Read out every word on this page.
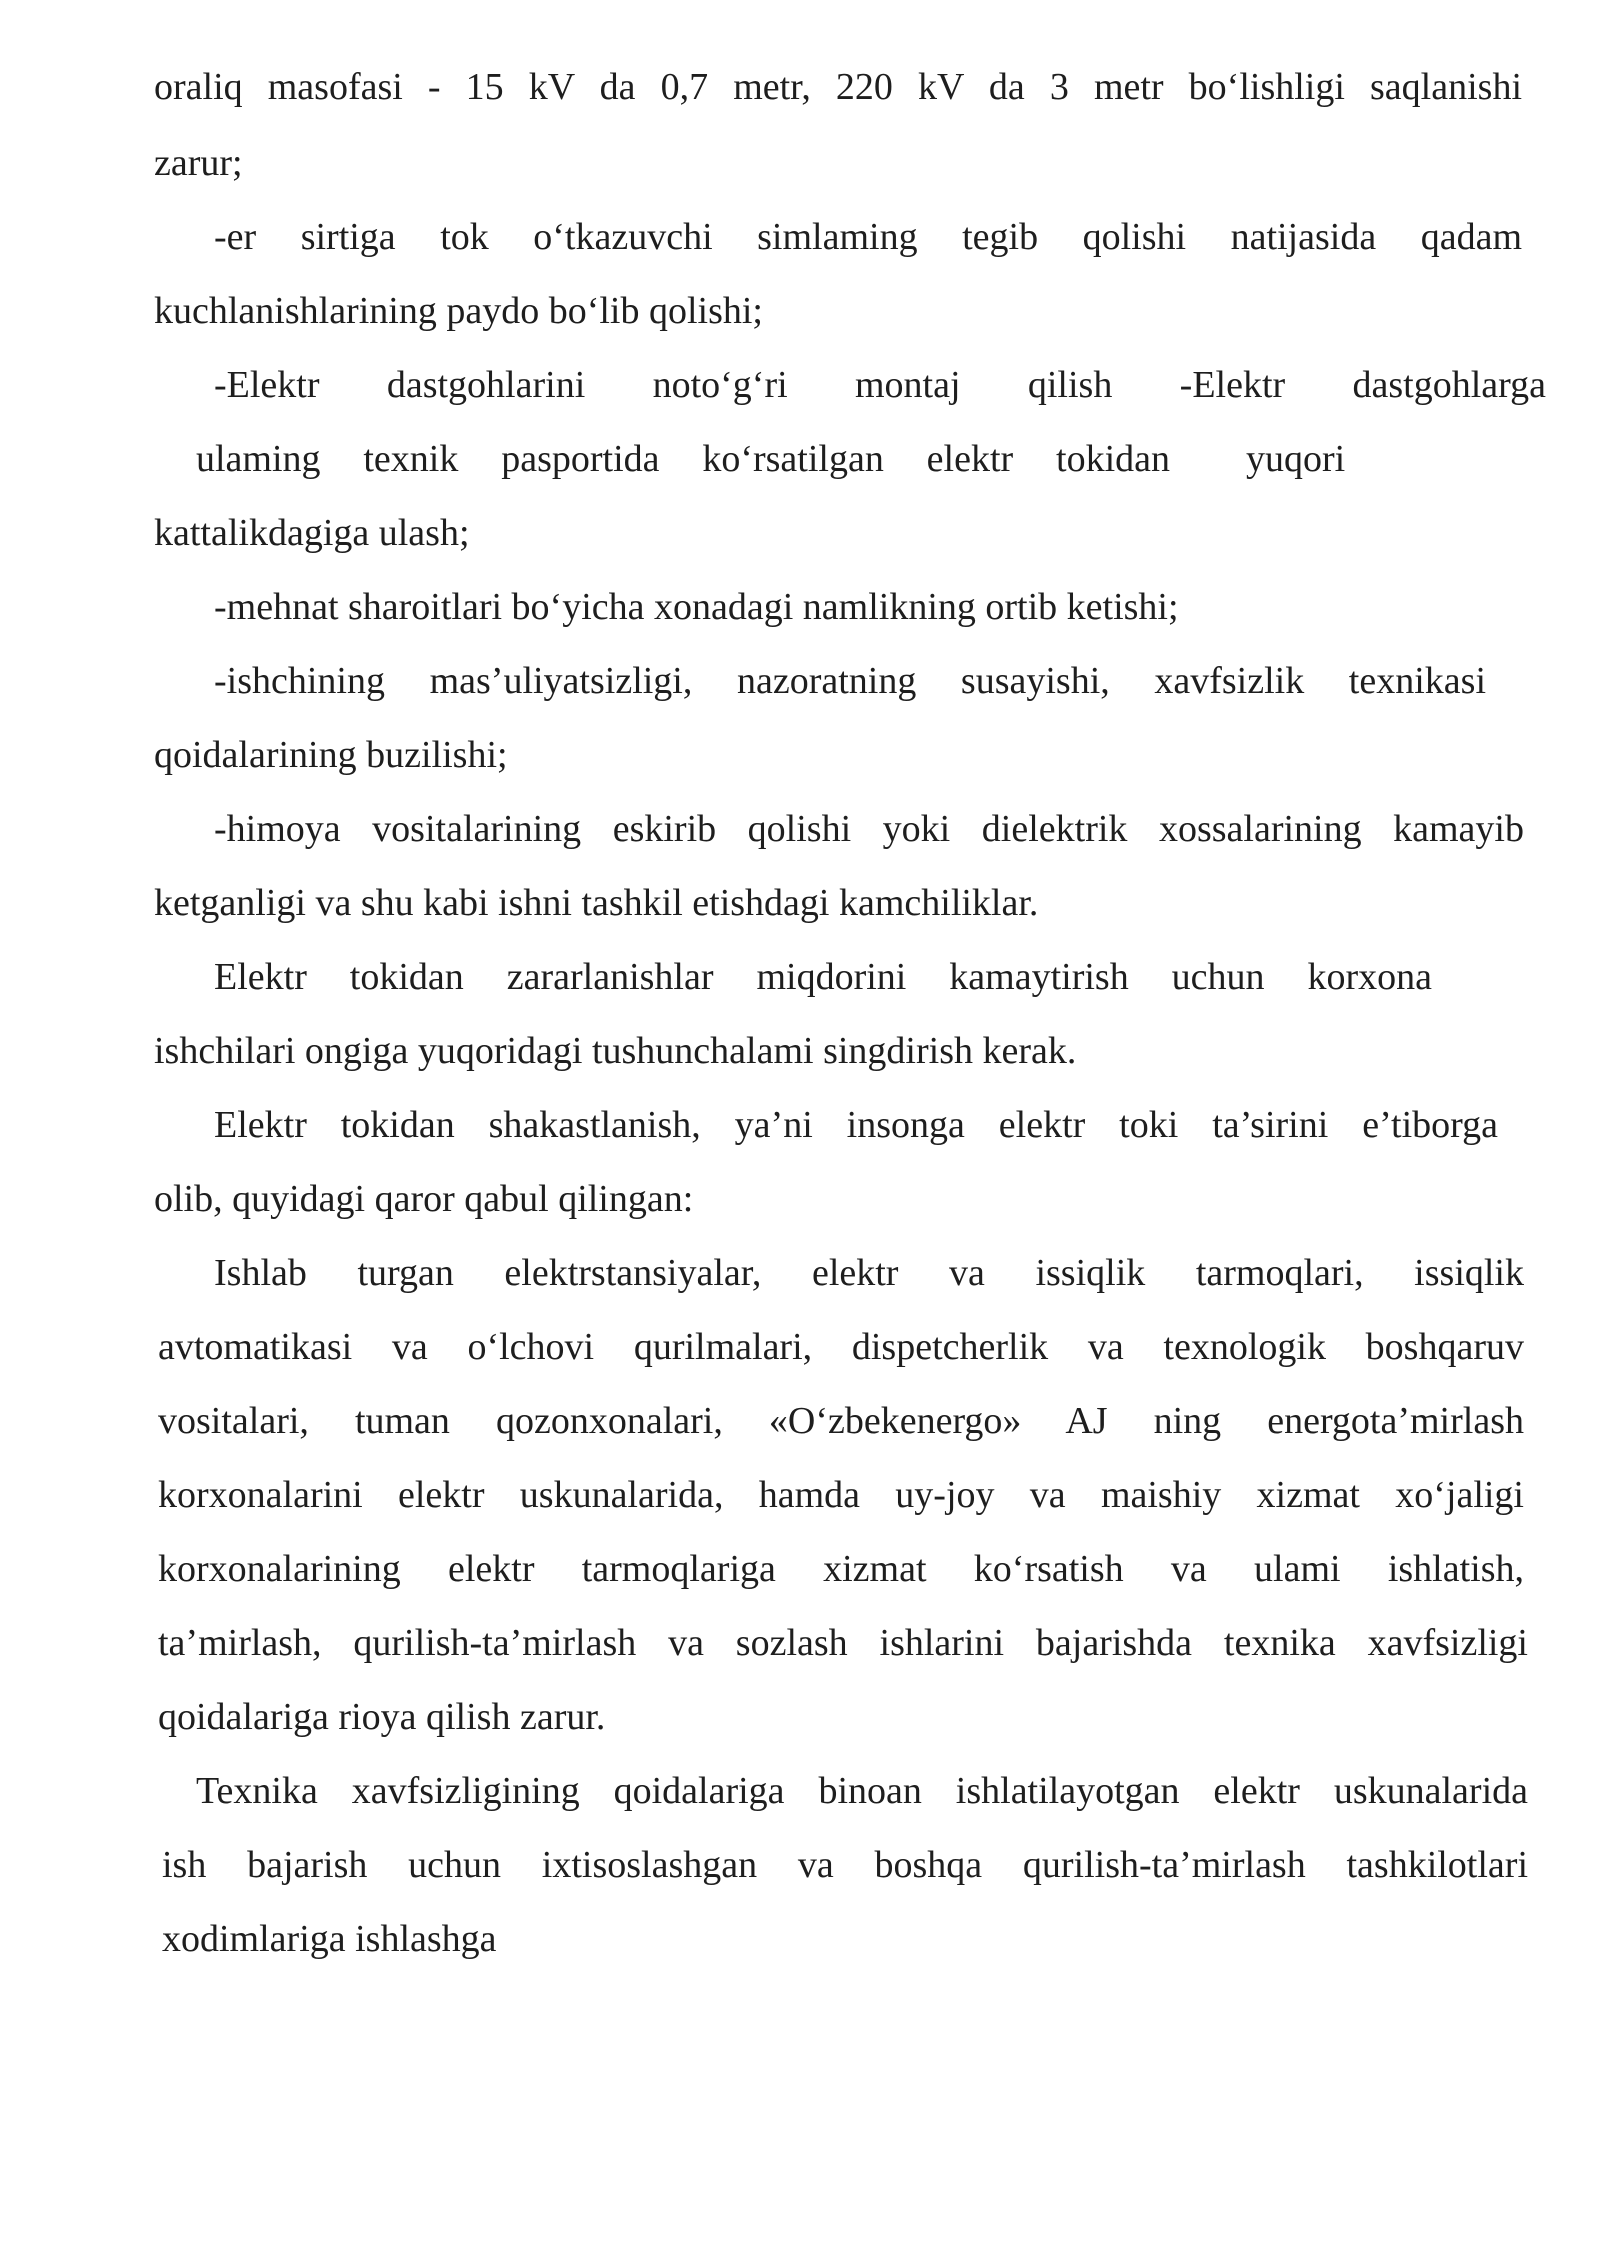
oraliq masofasi - 15 kV da 0,7 metr, 220 kV da 3 metr bo‘lishligi saqlanishi

zarur;

-er sirtiga tok o‘tkazuvchi simlaming tegib qolishi natijasida qadam

kuchlanishlarining paydo bo‘lib qolishi;

-Elektr dastgohlarini noto‘g‘ri montaj qilish -Elektr dastgohlarga

ulaming texnik pasportida ko‘rsatilgan elektr tokidan yuqori

kattalikdagiga ulash;

-mehnat sharoitlari bo‘yicha xonadagi namlikning ortib ketishi;

-ishchining mas’uliyatsizligi, nazoratning susayishi, xavfsizlik texnikasi

qoidalarining buzilishi;

-himoya vositalarining eskirib qolishi yoki dielektrik xossalarining kamayib

ketganligi va shu kabi ishni tashkil etishdagi kamchiliklar.

Elektr tokidan zararlanishlar miqdorini kamaytirish uchun korxona

ishchilari ongiga yuqoridagi tushunchalami singdirish kerak.

Elektr tokidan shakastlanish, ya’ni insonga elektr toki ta’sirini e’tiborga

olib, quyidagi qaror qabul qilingan:

Ishlab turgan elektrstansiyalar, elektr va issiqlik tarmoqlari, issiqlik

avtomatikasi va o‘lchovi qurilmalari, dispetcherlik va texnologik boshqaruv

vositalari, tuman qozonxonalari, «O‘zbekenergo» AJ ning energota’mirlash

korxonalarini elektr uskunalarida, hamda uy-joy va maishiy xizmat xo‘jaligi

korxonalarining elektr tarmoqlariga xizmat ko‘rsatish va ulami ishlatish,

ta’mirlash, qurilish-ta’mirlash va sozlash ishlarini bajarishda texnika xavfsizligi

qoidalariga rioya qilish zarur.

Texnika xavfsizligining qoidalariga binoan ishlatilayotgan elektr uskunalarida

ish bajarish uchun ixtisoslashgan va boshqa qurilish-ta’mirlash tashkilotlari

xodimlariga ishlashga
